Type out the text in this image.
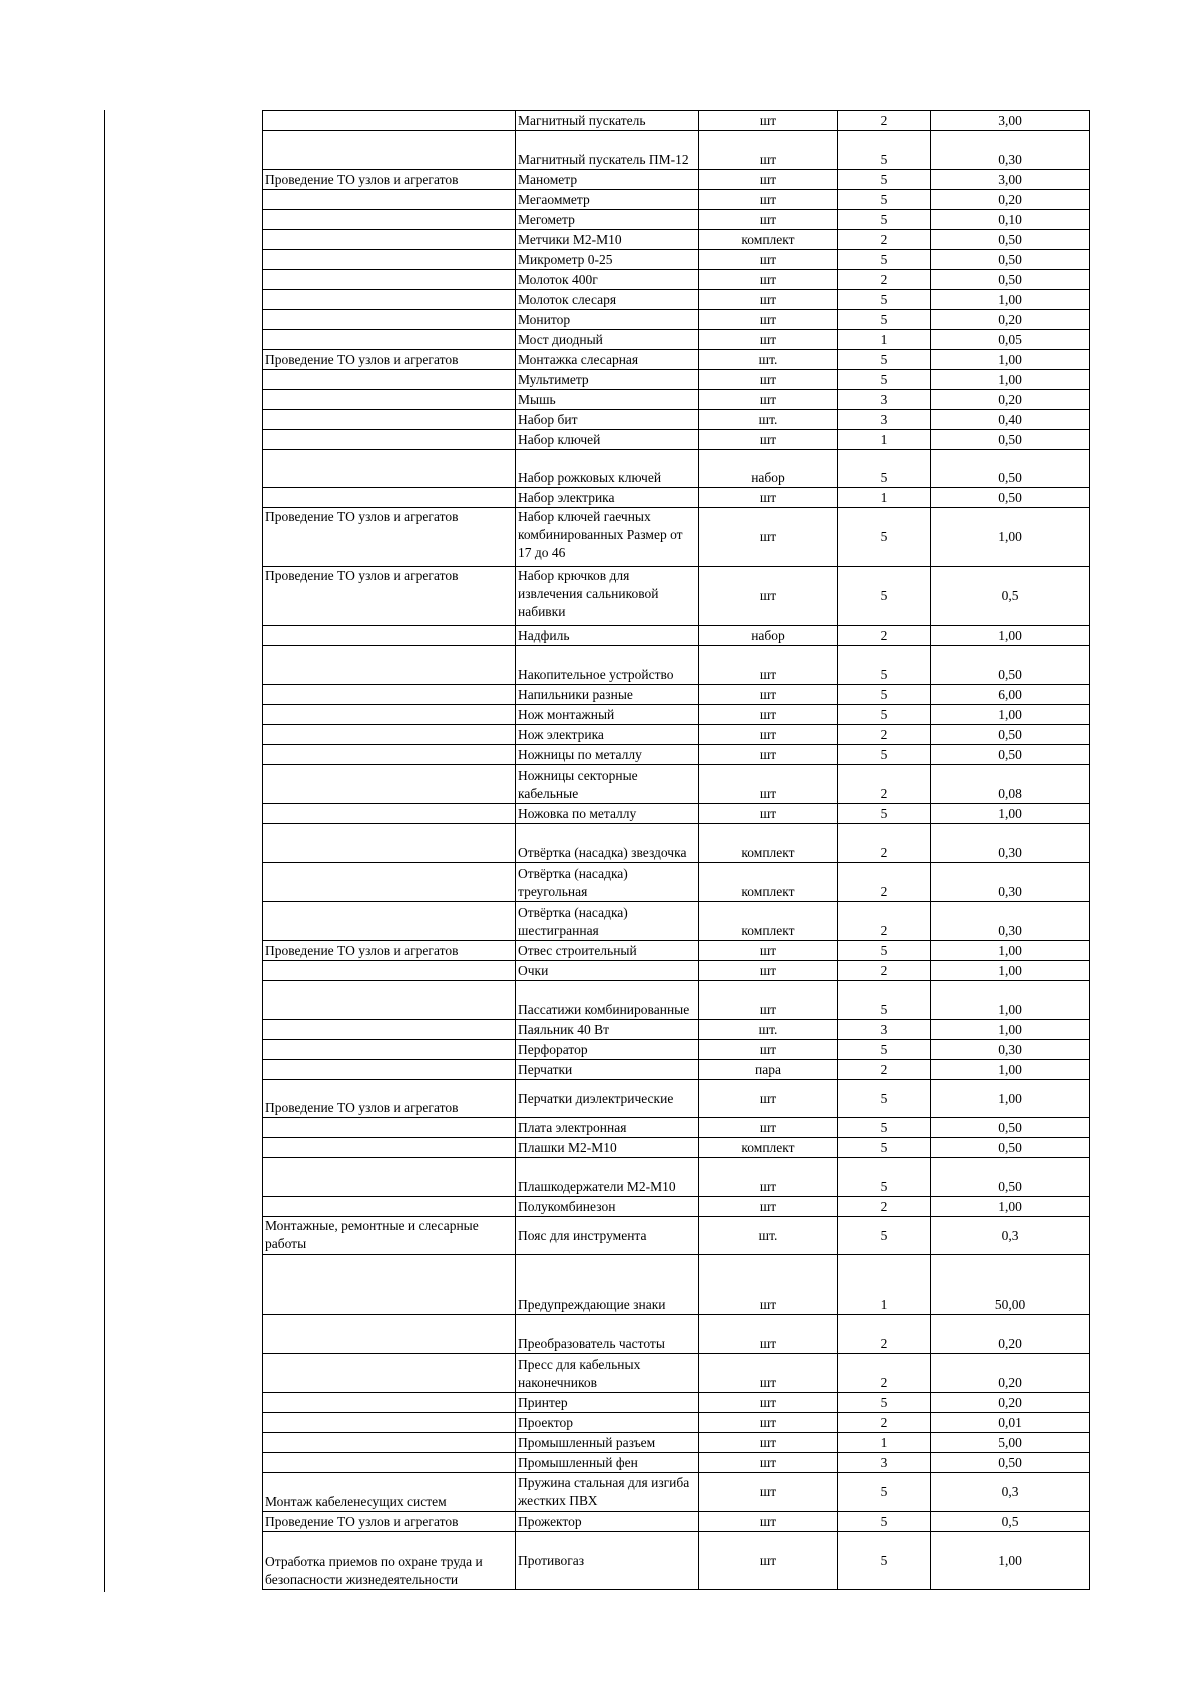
	Магнитный пускатель	шт	2	3,00
	Магнитный пускатель ПМ-12	шт	5	0,30
Проведение ТО узлов и агрегатов	Манометр	шт	5	3,00
	Мегаомметр	шт	5	0,20
	Мегометр	шт	5	0,10
	Метчики М2-М10	комплект	2	0,50
	Микрометр 0-25	шт	5	0,50
	Молоток 400г	шт	2	0,50
	Молоток слесаря	шт	5	1,00
	Монитор	шт	5	0,20
	Мост диодный	шт	1	0,05
Проведение ТО узлов и агрегатов	Монтажка слесарная	шт.	5	1,00
	Мультиметр	шт	5	1,00
	Мышь	шт	3	0,20
	Набор бит	шт.	3	0,40
	Набор ключей	шт	1	0,50
	Набор рожковых ключей	набор	5	0,50
	Набор электрика	шт	1	0,50
Проведение ТО узлов и агрегатов	Набор ключей гаечных комбинированных Размер от 17 до 46	шт	5	1,00
Проведение ТО узлов и агрегатов	Набор крючков для извлечения сальниковой набивки	шт	5	0,5
	Надфиль	набор	2	1,00
	Накопительное устройство	шт	5	0,50
	Напильники разные	шт	5	6,00
	Нож монтажный	шт	5	1,00
	Нож электрика	шт	2	0,50
	Ножницы по металлу	шт	5	0,50
	Ножницы секторные кабельные	шт	2	0,08
	Ножовка по металлу	шт	5	1,00
	Отвёртка (насадка) звездочка	комплект	2	0,30
	Отвёртка (насадка) треугольная	комплект	2	0,30
	Отвёртка (насадка) шестигранная	комплект	2	0,30
Проведение ТО узлов и агрегатов	Отвес строительный	шт	5	1,00
	Очки	шт	2	1,00
	Пассатижи комбинированные	шт	5	1,00
	Паяльник 40 Вт	шт.	3	1,00
	Перфоратор	шт	5	0,30
	Перчатки	пара	2	1,00
Проведение ТО узлов и агрегатов	Перчатки диэлектрические	шт	5	1,00
	Плата электронная	шт	5	0,50
	Плашки М2-М10	комплект	5	0,50
	Плашкодержатели М2-М10	шт	5	0,50
	Полукомбинезон	шт	2	1,00
Монтажные, ремонтные и слесарные работы	Пояс для инструмента	шт.	5	0,3
	Предупреждающие знаки	шт	1	50,00
	Преобразователь частоты	шт	2	0,20
	Пресс для кабельных наконечников	шт	2	0,20
	Принтер	шт	5	0,20
	Проектор	шт	2	0,01
	Промышленный разъем	шт	1	5,00
	Промышленный фен	шт	3	0,50
Монтаж кабеленесущих систем	Пружина стальная для изгиба жестких ПВХ	шт	5	0,3
Проведение ТО узлов и агрегатов	Прожектор	шт	5	0,5
Отработка приемов по охране труда и безопасности жизнедеятельности	Противогаз	шт	5	1,00
